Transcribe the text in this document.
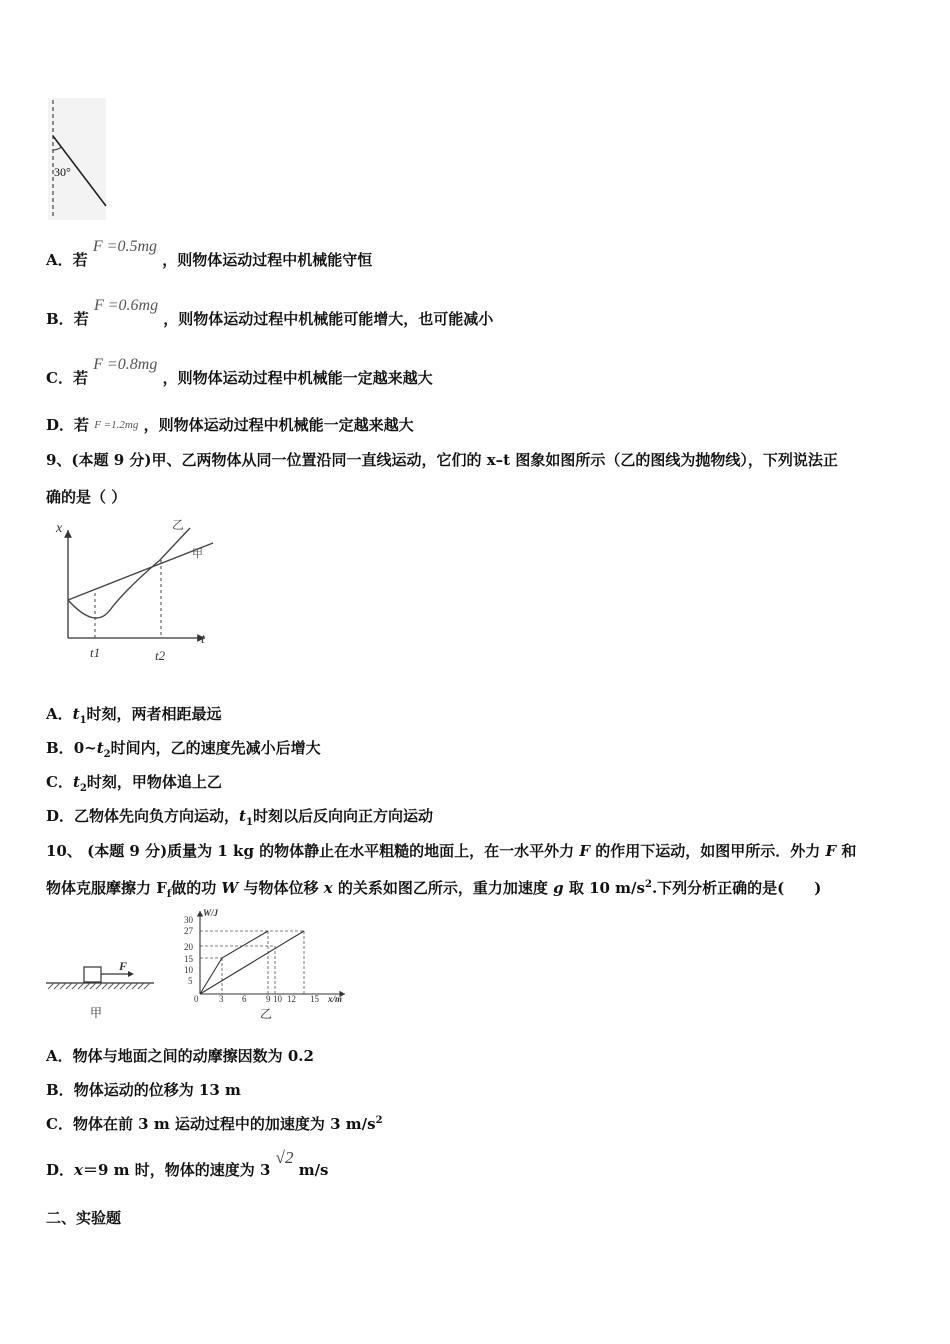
30°
A．若 F =0.5mg ，则物体运动过程中机械能守恒
B．若 F =0.6mg ，则物体运动过程中机械能可能增大，也可能减小
C．若 F =0.8mg ，则物体运动过程中机械能一定越来越大
D．若 F =1.2mg ，则物体运动过程中机械能一定越来越大
9、(本题 9 分)甲、乙两物体从同一位置沿同一直线运动，它们的 x–t 图象如图所示（乙的图线为抛物线），下列说法正
确的是（ ）
x
t
t1	t2
乙
甲
A．$t_1$时刻，两者相距最远
B．$0\sim t_2$时间内，乙的速度先减小后增大
C．$t_2$时刻，甲物体追上乙
D．乙物体先向负方向运动，$t_1$时刻以后反向向正方向运动
10、 (本题 9 分)质量为 1 kg 的物体静止在水平粗糙的地面上，在一水平外力 F 的作用下运动，如图甲所示．外力 F 和
物体克服摩擦力 $F_f$做的功 W 与物体位移 x 的关系如图乙所示，重力加速度 g 取 10 $m/s^2$.下列分析正确的是(　　)
F
甲
W/J
x/m
30
27
20
15
10
5
0 3 6 9 10 12 15
乙
A．物体与地面之间的动摩擦因数为 0.2
B．物体运动的位移为 13 m
C．物体在前 3 m 运动过程中的加速度为 3 $m/s^2$
D．x＝9 m 时，物体的速度为 3 √2 m/s
二、实验题
